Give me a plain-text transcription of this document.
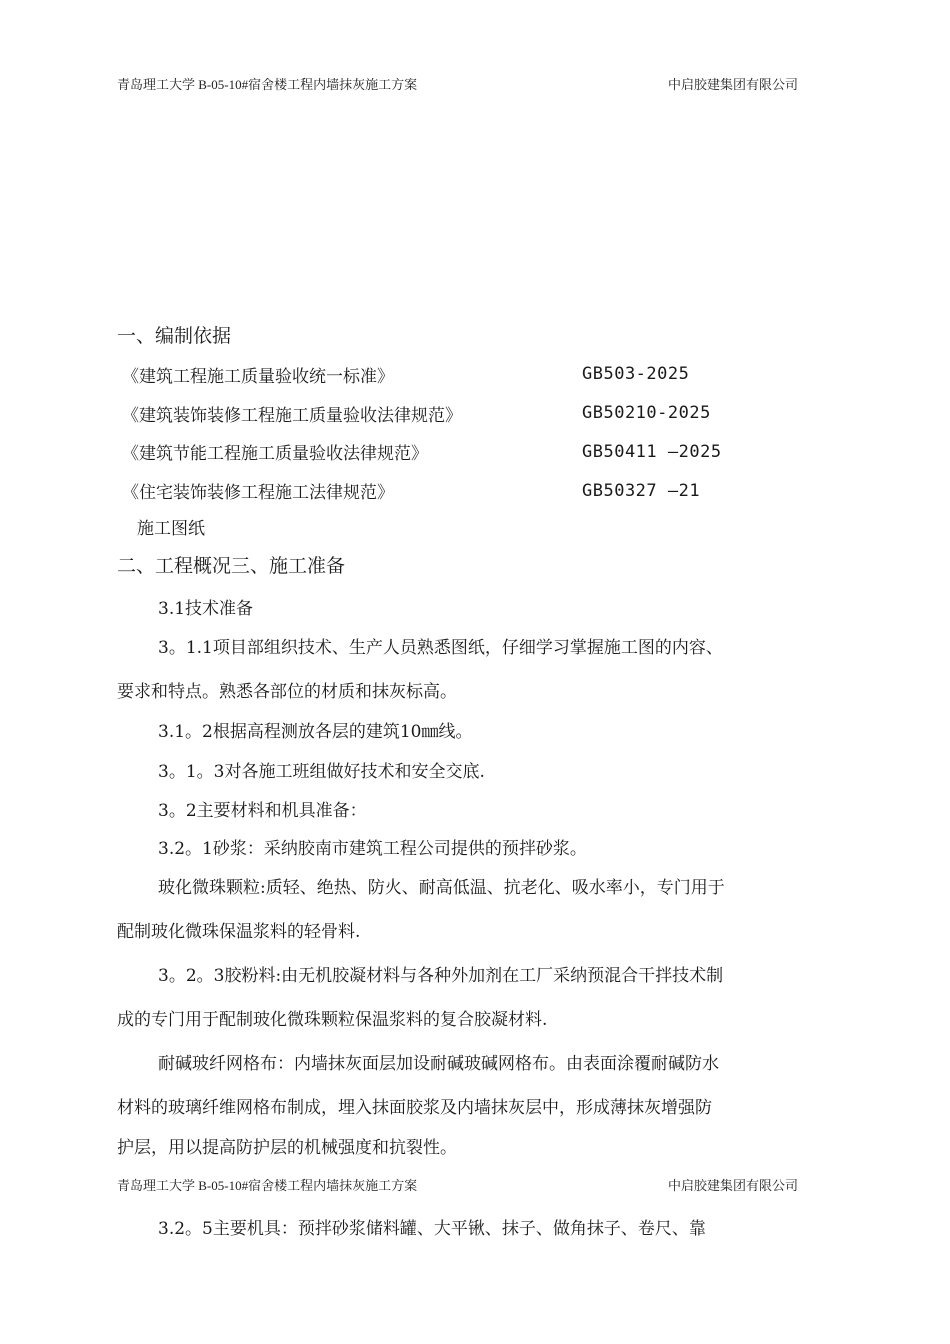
青岛理工大学 B-05-10#宿舍楼工程内墙抹灰施工方案	中启胶建集团有限公司
一、编制依据
《建筑工程施工质量验收统一标准》	GB503-2025
《建筑装饰装修工程施工质量验收法律规范》	GB50210-2025
《建筑节能工程施工质量验收法律规范》	GB50411 —2025
《住宅装饰装修工程施工法律规范》	GB50327 —21
施工图纸
二、工程概况三、施工准备
3.1技术准备
3。1.1项目部组织技术、生产人员熟悉图纸，仔细学习掌握施工图的内容、
要求和特点。熟悉各部位的材质和抹灰标高。
3.1。2根据高程测放各层的建筑10㎜线。
3。1。3对各施工班组做好技术和安全交底.
3。2主要材料和机具准备：
3.2。1砂浆：采纳胶南市建筑工程公司提供的预拌砂浆。
玻化微珠颗粒:质轻、绝热、防火、耐高低温、抗老化、吸水率小，专门用于
配制玻化微珠保温浆料的轻骨料.
3。2。3胶粉料:由无机胶凝材料与各种外加剂在工厂采纳预混合干拌技术制
成的专门用于配制玻化微珠颗粒保温浆料的复合胶凝材料.
耐碱玻纤网格布：内墙抹灰面层加设耐碱玻碱网格布。由表面涂覆耐碱防水
材料的玻璃纤维网格布制成，埋入抹面胶浆及内墙抹灰层中，形成薄抹灰增强防
护层，用以提高防护层的机械强度和抗裂性。
青岛理工大学 B-05-10#宿舍楼工程内墙抹灰施工方案	中启胶建集团有限公司
3.2。5主要机具：预拌砂浆储料罐、大平锹、抹子、做角抹子、卷尺、靠
